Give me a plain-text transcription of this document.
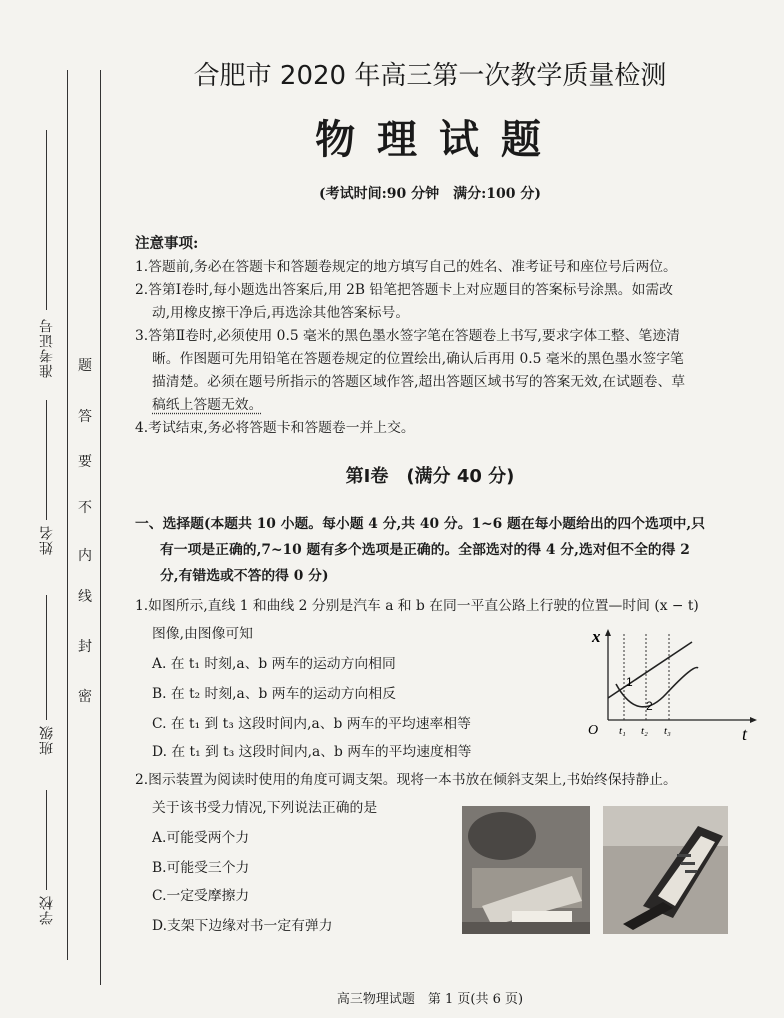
学校
班级
姓名
准考证号
密
封
线
内
不
要
答
题
合肥市 2020 年高三第一次教学质量检测
物 理 试 题
(考试时间:90 分钟　满分:100 分)
注意事项:
1.答题前,务必在答题卡和答题卷规定的地方填写自己的姓名、准考证号和座位号后两位。
2.答第Ⅰ卷时,每小题选出答案后,用 2B 铅笔把答题卡上对应题目的答案标号涂黑。如需改
动,用橡皮擦干净后,再选涂其他答案标号。
3.答第Ⅱ卷时,必须使用 0.5 毫米的黑色墨水签字笔在答题卷上书写,要求字体工整、笔迹清
晰。作图题可先用铅笔在答题卷规定的位置绘出,确认后再用 0.5 毫米的黑色墨水签字笔
描清楚。必须在题号所指示的答题区域作答,超出答题区域书写的答案无效,在试题卷、草
稿纸上答题无效。
4.考试结束,务必将答题卡和答题卷一并上交。
第Ⅰ卷　(满分 40 分)
一、选择题(本题共 10 小题。每小题 4 分,共 40 分。1~6 题在每小题给出的四个选项中,只
有一项是正确的,7~10 题有多个选项是正确的。全部选对的得 4 分,选对但不全的得 2
分,有错选或不答的得 0 分)
1.如图所示,直线 1 和曲线 2 分别是汽车 a 和 b 在同一平直公路上行驶的位置—时间 (x − t)
图像,由图像可知
A. 在 t₁ 时刻,a、b 两车的运动方向相同
B. 在 t₂ 时刻,a、b 两车的运动方向相反
C. 在 t₁ 到 t₃ 这段时间内,a、b 两车的平均速率相等
D. 在 t₁ 到 t₃ 这段时间内,a、b 两车的平均速度相等
x
t
O
1
2
t₁ t₂ t₃
2.图示装置为阅读时使用的角度可调支架。现将一本书放在倾斜支架上,书始终保持静止。
关于该书受力情况,下列说法正确的是
A.可能受两个力
B.可能受三个力
C.一定受摩擦力
D.支架下边缘对书一定有弹力
高三物理试题　第 1 页(共 6 页)
